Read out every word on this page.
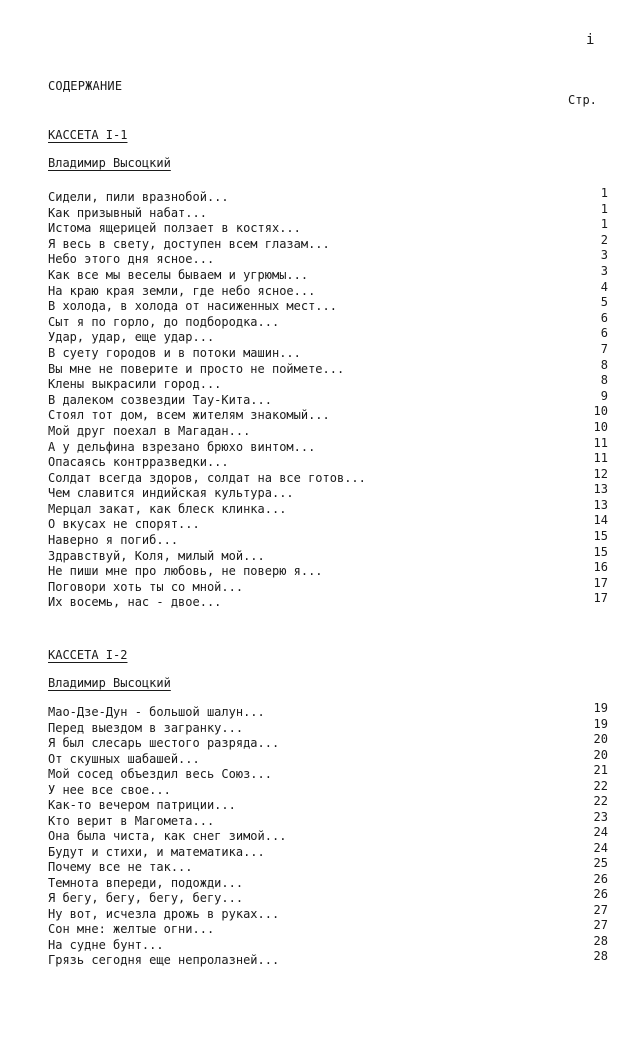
i
СОДЕРЖАНИЕ
Стр.
КАССЕТА I-1
Владимир Высоцкий
Сидели, пили вразнобой...	1
Как призывный набат...	1
Истома ящерицей ползает в костях...	1
Я весь в свету, доступен всем глазам...	2
Небо этого дня ясное...	3
Как все мы веселы бываем и угрюмы...	3
На краю края земли, где небо ясное...	4
В холода, в холода от насиженных мест...	5
Сыт я по горло, до подбородка...	6
Удар, удар, еще удар...	6
В суету городов и в потоки машин...	7
Вы мне не поверите и просто не поймете...	8
Клены выкрасили город...	8
В далеком созвездии Тау-Кита...	9
Стоял тот дом, всем жителям знакомый...	10
Мой друг поехал в Магадан...	10
А у дельфина взрезано брюхо винтом...	11
Опасаясь контрразведки...	11
Солдат всегда здоров, солдат на все готов...	12
Чем славится индийская культура...	13
Мерцал закат, как блеск клинка...	13
О вкусах не спорят...	14
Наверно я погиб...	15
Здравствуй, Коля, милый мой...	15
Не пиши мне про любовь, не поверю я...	16
Поговори хоть ты со мной...	17
Их восемь, нас - двое...	17
КАССЕТА I-2
Владимир Высоцкий
Мао-Дзе-Дун - большой шалун...	19
Перед выездом в загранку...	19
Я был слесарь шестого разряда...	20
От скушных шабашей...	20
Мой сосед объездил весь Союз...	21
У нее все свое...	22
Как-то вечером патриции...	22
Кто верит в Магомета...	23
Она была чиста, как снег зимой...	24
Будут и стихи, и математика...	24
Почему все не так...	25
Темнота впереди, подожди...	26
Я бегу, бегу, бегу, бегу...	26
Ну вот, исчезла дрожь в руках...	27
Сон мне: желтые огни...	27
На судне бунт...	28
Грязь сегодня еще непролазней...	28
